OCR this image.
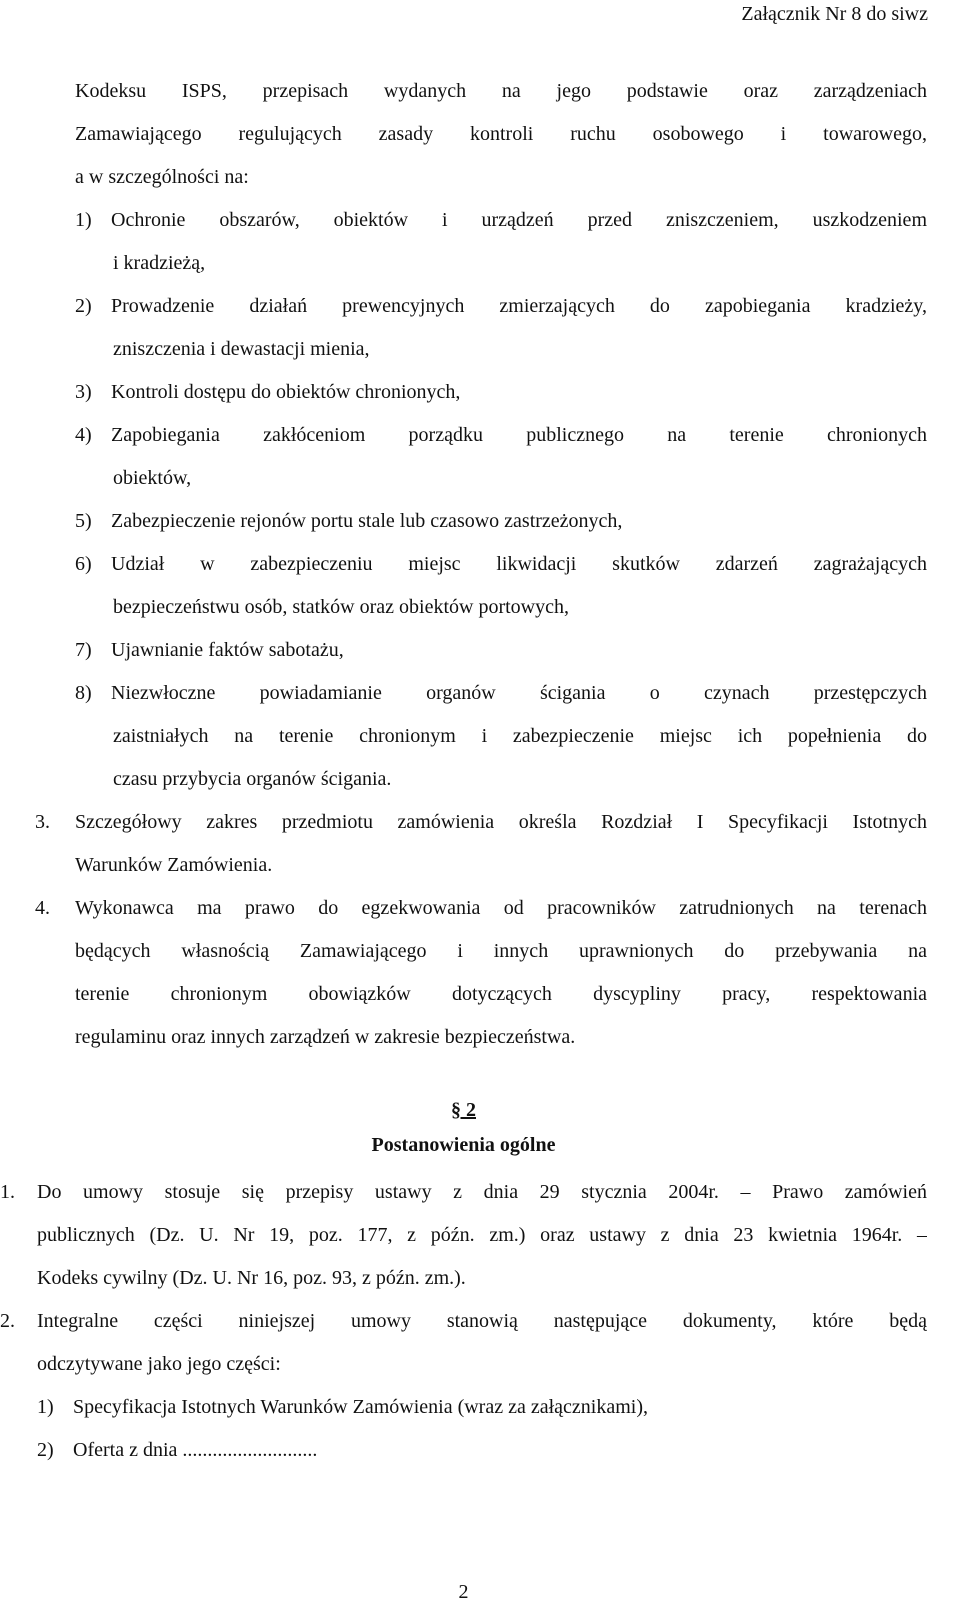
Załącznik Nr 8 do siwz
Kodeksu ISPS, przepisach wydanych na jego podstawie oraz zarządzeniach
Zamawiającego regulujących zasady kontroli ruchu osobowego i towarowego,
a w szczególności na:
1) Ochronie obszarów, obiektów i urządzeń przed zniszczeniem, uszkodzeniem
i kradzieżą,
2) Prowadzenie działań prewencyjnych zmierzających do zapobiegania kradzieży,
zniszczenia i dewastacji mienia,
3) Kontroli dostępu do obiektów chronionych,
4) Zapobiegania zakłóceniom porządku publicznego na terenie chronionych
obiektów,
5) Zabezpieczenie rejonów portu stale lub czasowo zastrzeżonych,
6) Udział w zabezpieczeniu miejsc likwidacji skutków zdarzeń zagrażających
bezpieczeństwu osób, statków oraz obiektów portowych,
7) Ujawnianie faktów sabotażu,
8) Niezwłoczne powiadamianie organów ścigania o czynach przestępczych
zaistniałych na terenie chronionym i zabezpieczenie miejsc ich popełnienia do
czasu przybycia organów ścigania.
3. Szczegółowy zakres przedmiotu zamówienia określa Rozdział I Specyfikacji Istotnych
Warunków Zamówienia.
4. Wykonawca ma prawo do egzekwowania od pracowników zatrudnionych na terenach
będących własnością Zamawiającego i innych uprawnionych do przebywania na
terenie chronionym obowiązków dotyczących dyscypliny pracy, respektowania
regulaminu oraz innych zarządzeń w zakresie bezpieczeństwa.
§ 2
Postanowienia ogólne
1. Do umowy stosuje się przepisy ustawy z dnia 29 stycznia 2004r. – Prawo zamówień
publicznych (Dz. U. Nr 19, poz. 177, z późn. zm.) oraz ustawy z dnia 23 kwietnia 1964r. –
Kodeks cywilny (Dz. U. Nr 16, poz. 93, z późn. zm.).
2. Integralne części niniejszej umowy stanowią następujące dokumenty, które będą
odczytywane jako jego części:
1) Specyfikacja Istotnych Warunków Zamówienia (wraz za załącznikami),
2) Oferta z dnia ...........................
2
